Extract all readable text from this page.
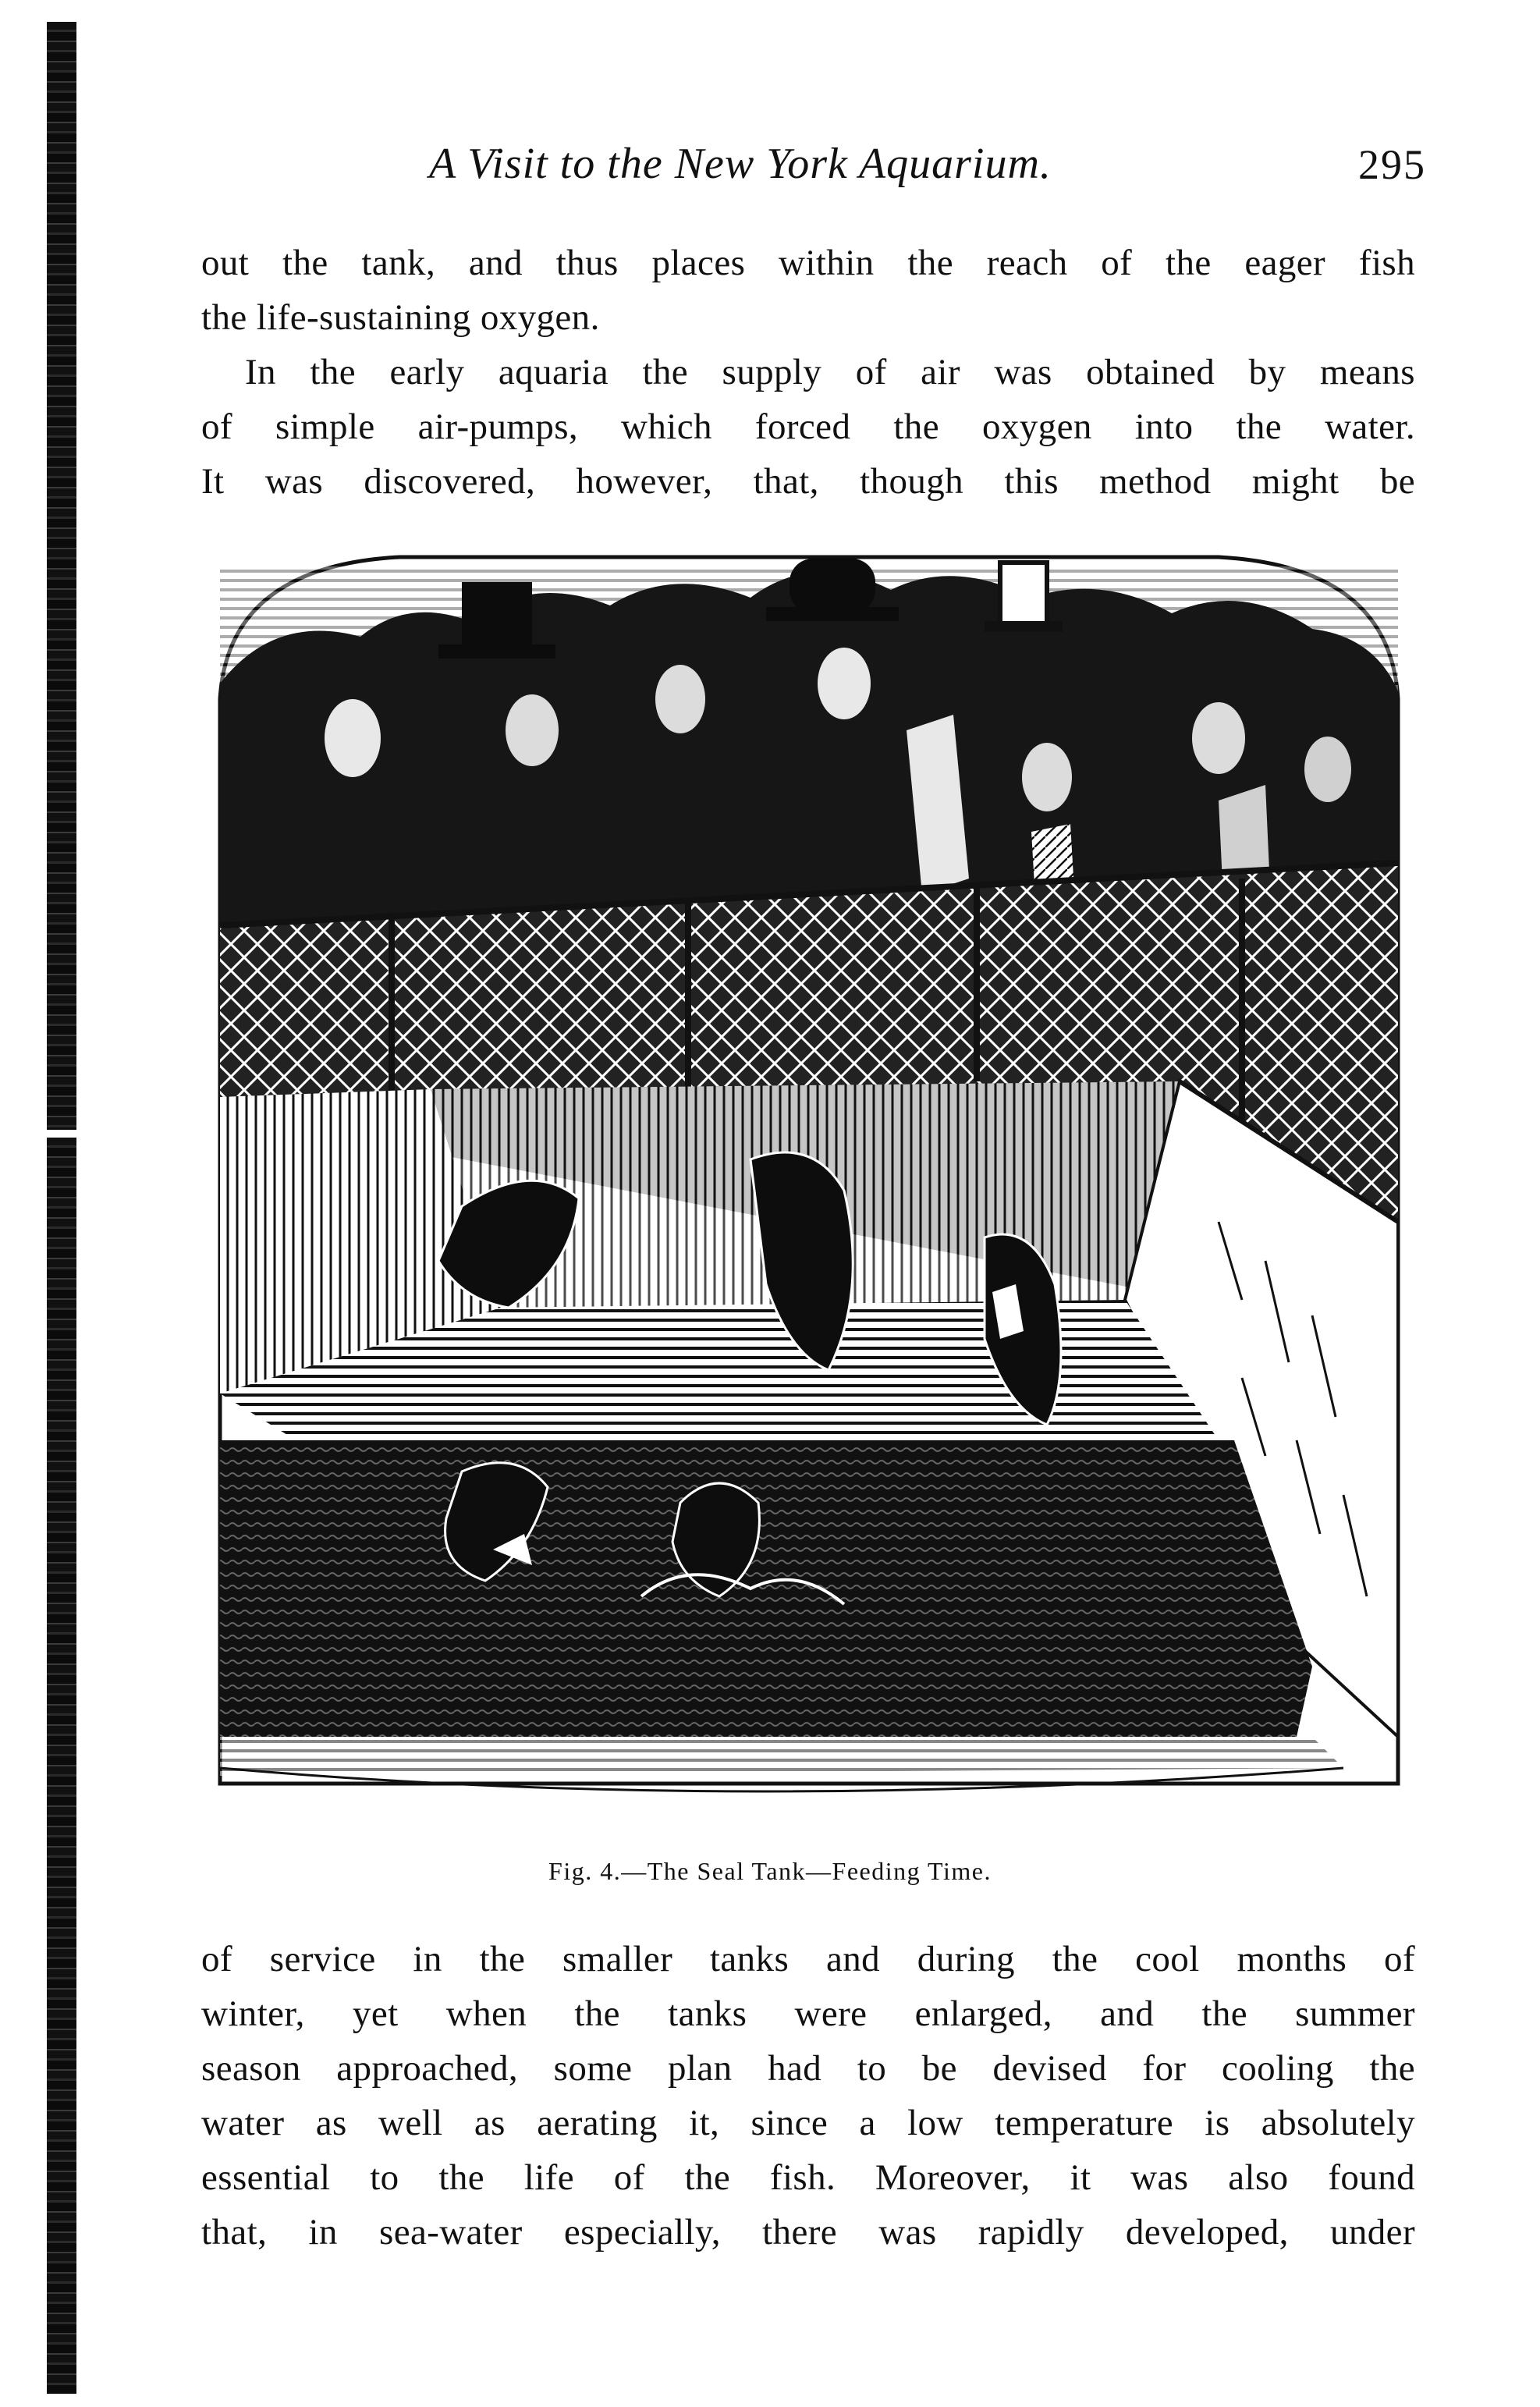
A Visit to the New York Aquarium.	295

out the tank, and thus places within the reach of the eager fish

the life-sustaining oxygen.

In the early aquaria the supply of air was obtained by means

of simple air-pumps, which forced the oxygen into the water.

It was discovered, however, that, though this method might be

Fig. 4.—The Seal Tank—Feeding Time.

of service in the smaller tanks and during the cool months of

winter, yet when the tanks were enlarged, and the summer

season approached, some plan had to be devised for cooling the

water as well as aerating it, since a low temperature is absolutely

essential to the life of the fish. Moreover, it was also found

that, in sea-water especially, there was rapidly developed, under
